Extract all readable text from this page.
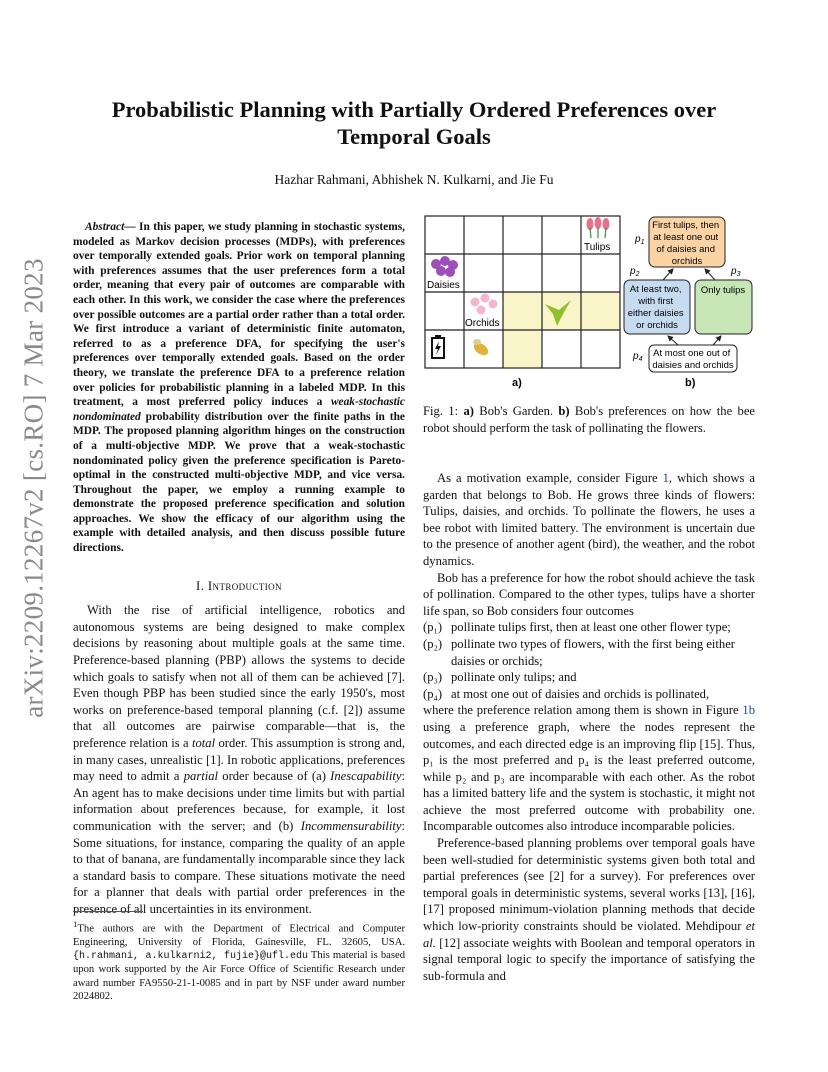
arXiv:2209.12267v2 [cs.RO] 7 Mar 2023
Probabilistic Planning with Partially Ordered Preferences over Temporal Goals
Hazhar Rahmani, Abhishek N. Kulkarni, and Jie Fu

Abstract— In this paper, we study planning in stochastic systems, modeled as Markov decision processes (MDPs), with preferences over temporally extended goals. Prior work on temporal planning with preferences assumes that the user preferences form a total order, meaning that every pair of outcomes are comparable with each other. In this work, we consider the case where the preferences over possible outcomes are a partial order rather than a total order. We first introduce a variant of deterministic finite automaton, referred to as a preference DFA, for specifying the user's preferences over temporally extended goals. Based on the order theory, we translate the preference DFA to a preference relation over policies for probabilistic planning in a labeled MDP. In this treatment, a most preferred policy induces a weak-stochastic nondominated probability distribution over the finite paths in the MDP. The proposed planning algorithm hinges on the construction of a multi-objective MDP. We prove that a weak-stochastic nondominated policy given the preference specification is Pareto-optimal in the constructed multi-objective MDP, and vice versa. Throughout the paper, we employ a running example to demonstrate the proposed preference specification and solution approaches. We show the efficacy of our algorithm using the example with detailed analysis, and then discuss possible future directions.

I. Introduction

With the rise of artificial intelligence, robotics and autonomous systems are being designed to make complex decisions by reasoning about multiple goals at the same time. Preference-based planning (PBP) allows the systems to decide which goals to satisfy when not all of them can be achieved [7]. Even though PBP has been studied since the early 1950's, most works on preference-based temporal planning (c.f. [2]) assume that all outcomes are pairwise comparable—that is, the preference relation is a total order. This assumption is strong and, in many cases, unrealistic [1]. In robotic applications, preferences may need to admit a partial order because of (a) Inescapability: An agent has to make decisions under time limits but with partial information about preferences because, for example, it lost communication with the server; and (b) Incommensurability: Some situations, for instance, comparing the quality of an apple to that of banana, are fundamentally incomparable since they lack a standard basis to compare. These situations motivate the need for a planner that deals with partial order preferences in the presence of all uncertainties in its environment.

$^1$The authors are with the Department of Electrical and Computer Engineering, University of Florida, Gainesville, FL. 32605, USA. {h.rahmani, a.kulkarni2, fujie}@ufl.edu This material is based upon work supported by the Air Force Office of Scientific Research under award number FA9550-21-1-0085 and in part by NSF under award number 2024802.
Tulips
Daisies
Orchids
a)
First tulips, then at least one out of daisies and orchids
$p_1$
$p_2$	$p_3$
At least two, with first either daisies or orchids
Only tulips
At most one out of daisies and orchids
$p_4$
b)
Fig. 1: a) Bob's Garden. b) Bob's preferences on how the bee robot should perform the task of pollinating the flowers.

As a motivation example, consider Figure 1, which shows a garden that belongs to Bob. He grows three kinds of flowers: Tulips, daisies, and orchids. To pollinate the flowers, he uses a bee robot with limited battery. The environment is uncertain due to the presence of another agent (bird), the weather, and the robot dynamics.

Bob has a preference for how the robot should achieve the task of pollination. Compared to the other types, tulips have a shorter life span, so Bob considers four outcomes

(p₁) pollinate tulips first, then at least one other flower type;
(p₂) pollinate two types of flowers, with the first being either daisies or orchids;
(p₃) pollinate only tulips; and
(p₄) at most one out of daisies and orchids is pollinated,

where the preference relation among them is shown in Figure 1b using a preference graph, where the nodes represent the outcomes, and each directed edge is an improving flip [15]. Thus, p₁ is the most preferred and p₄ is the least preferred outcome, while p₂ and p₃ are incomparable with each other. As the robot has a limited battery life and the system is stochastic, it might not achieve the most preferred outcome with probability one. Incomparable outcomes also introduce incomparable policies.

Preference-based planning problems over temporal goals have been well-studied for deterministic systems given both total and partial preferences (see [2] for a survey). For preferences over temporal goals in deterministic systems, several works [13], [16], [17] proposed minimum-violation planning methods that decide which low-priority constraints should be violated. Mehdipour et al. [12] associate weights with Boolean and temporal operators in signal temporal logic to specify the importance of satisfying the sub-formula and
